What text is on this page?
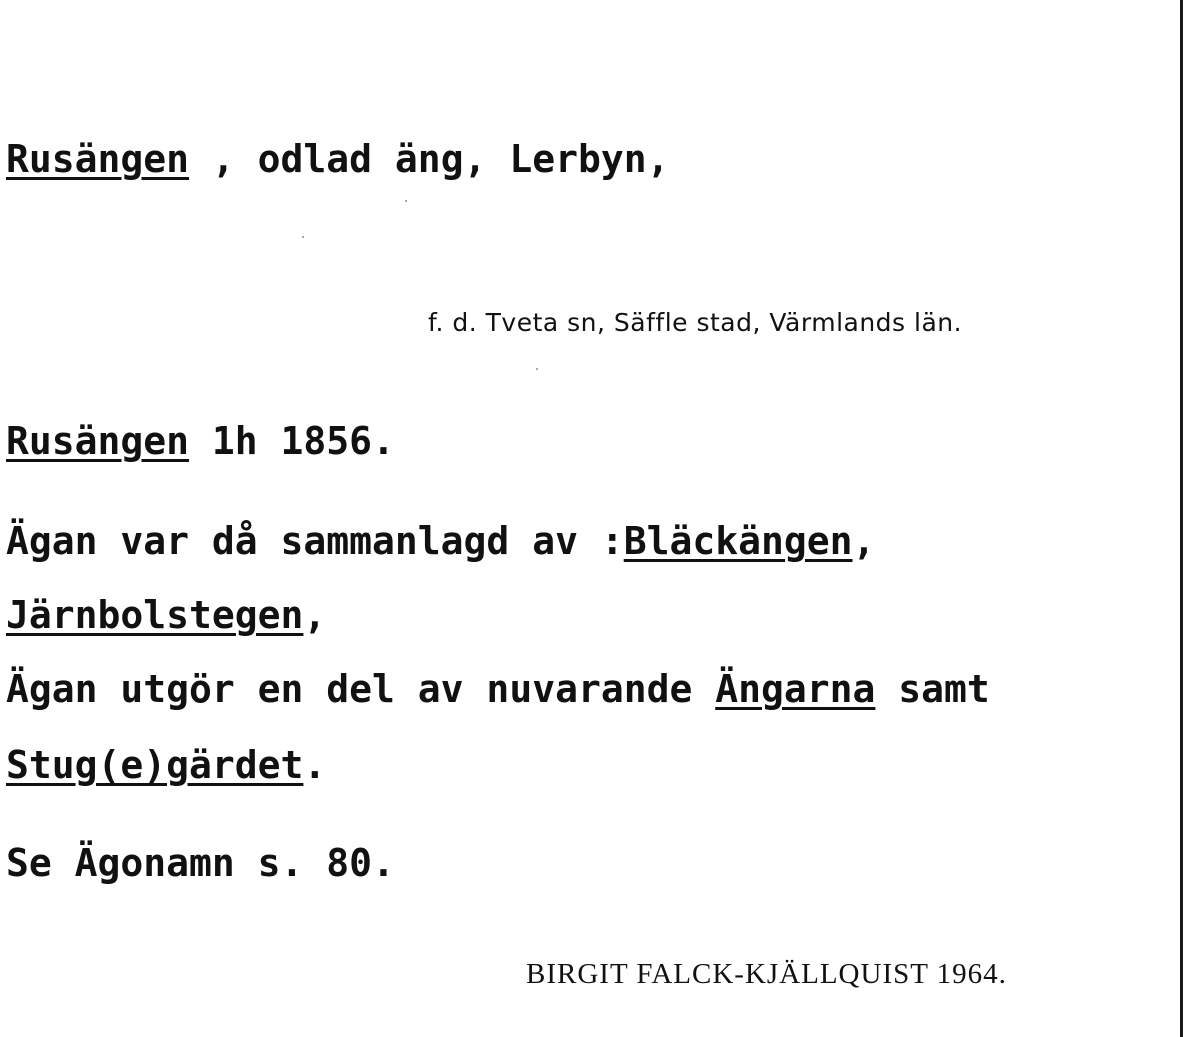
Rusängen , odlad äng, Lerbyn,
f. d. Tveta sn, Säffle stad, Värmlands län.
Rusängen 1h 1856.
Ägan var då sammanlagd av :Bläckängen,
Järnbolstegen,
Ägan utgör en del av nuvarande Ängarna samt
Stug(e)gärdet.
Se Ägonamn s. 80.
BIRGIT FALCK-KJÄLLQUIST 1964.
